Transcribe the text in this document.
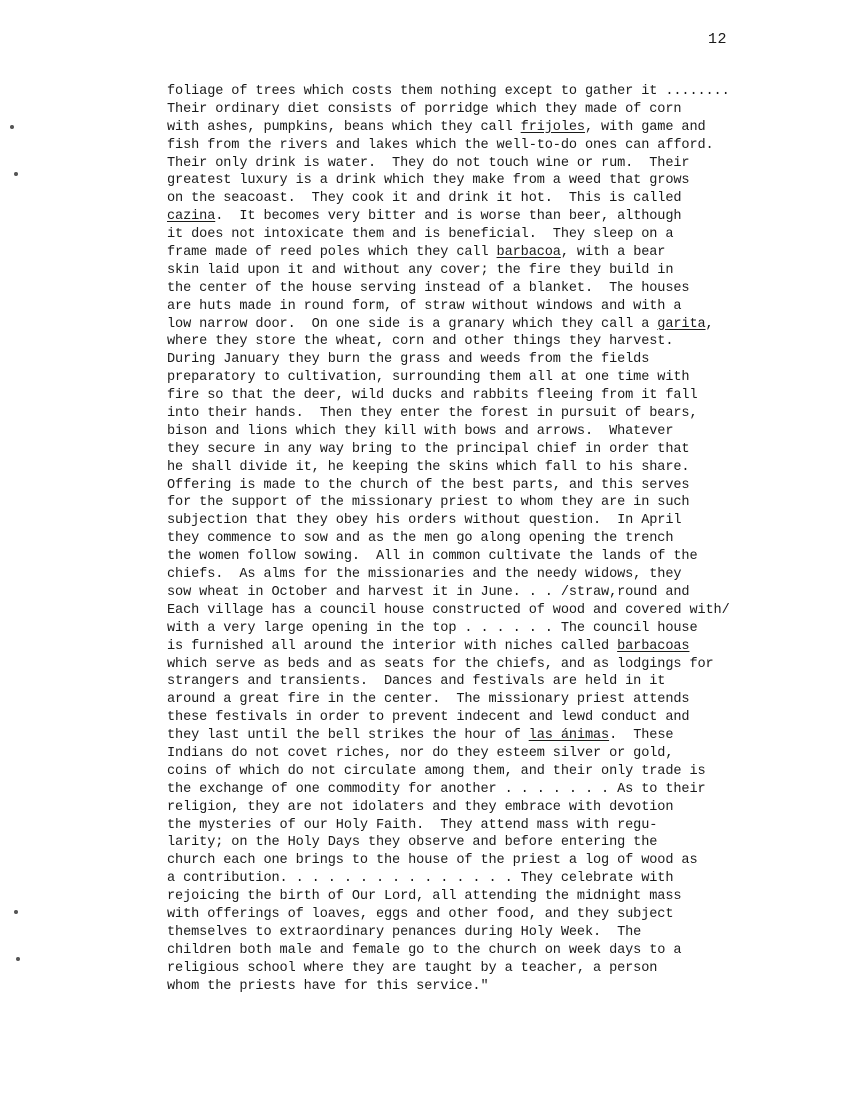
12
foliage of trees which costs them nothing except to gather it ........
Their ordinary diet consists of porridge which they made of corn
with ashes, pumpkins, beans which they call frijoles, with game and
fish from the rivers and lakes which the well-to-do ones can afford.
Their only drink is water.  They do not touch wine or rum.  Their
greatest luxury is a drink which they make from a weed that grows
on the seacoast.  They cook it and drink it hot.  This is called
cazina.  It becomes very bitter and is worse than beer, although
it does not intoxicate them and is beneficial.  They sleep on a
frame made of reed poles which they call barbacoa, with a bear
skin laid upon it and without any cover; the fire they build in
the center of the house serving instead of a blanket.  The houses
are huts made in round form, of straw without windows and with a
low narrow door.  On one side is a granary which they call a garita,
where they store the wheat, corn and other things they harvest.
During January they burn the grass and weeds from the fields
preparatory to cultivation, surrounding them all at one time with
fire so that the deer, wild ducks and rabbits fleeing from it fall
into their hands.  Then they enter the forest in pursuit of bears,
bison and lions which they kill with bows and arrows.  Whatever
they secure in any way bring to the principal chief in order that
he shall divide it, he keeping the skins which fall to his share.
Offering is made to the church of the best parts, and this serves
for the support of the missionary priest to whom they are in such
subjection that they obey his orders without question.  In April
they commence to sow and as the men go along opening the trench
the women follow sowing.  All in common cultivate the lands of the
chiefs.  As alms for the missionaries and the needy widows, they
sow wheat in October and harvest it in June. . . /straw,round and
Each village has a council house constructed of wood and covered with/
with a very large opening in the top . . . . . . The council house
is furnished all around the interior with niches called barbacoas
which serve as beds and as seats for the chiefs, and as lodgings for
strangers and transients.  Dances and festivals are held in it
around a great fire in the center.  The missionary priest attends
these festivals in order to prevent indecent and lewd conduct and
they last until the bell strikes the hour of las ánimas.  These
Indians do not covet riches, nor do they esteem silver or gold,
coins of which do not circulate among them, and their only trade is
the exchange of one commodity for another . . . . . . . As to their
religion, they are not idolaters and they embrace with devotion
the mysteries of our Holy Faith.  They attend mass with regu-
larity; on the Holy Days they observe and before entering the
church each one brings to the house of the priest a log of wood as
a contribution. . . . . . . . . . . . . . . They celebrate with
rejoicing the birth of Our Lord, all attending the midnight mass
with offerings of loaves, eggs and other food, and they subject
themselves to extraordinary penances during Holy Week.  The
children both male and female go to the church on week days to a
religious school where they are taught by a teacher, a person
whom the priests have for this service."
